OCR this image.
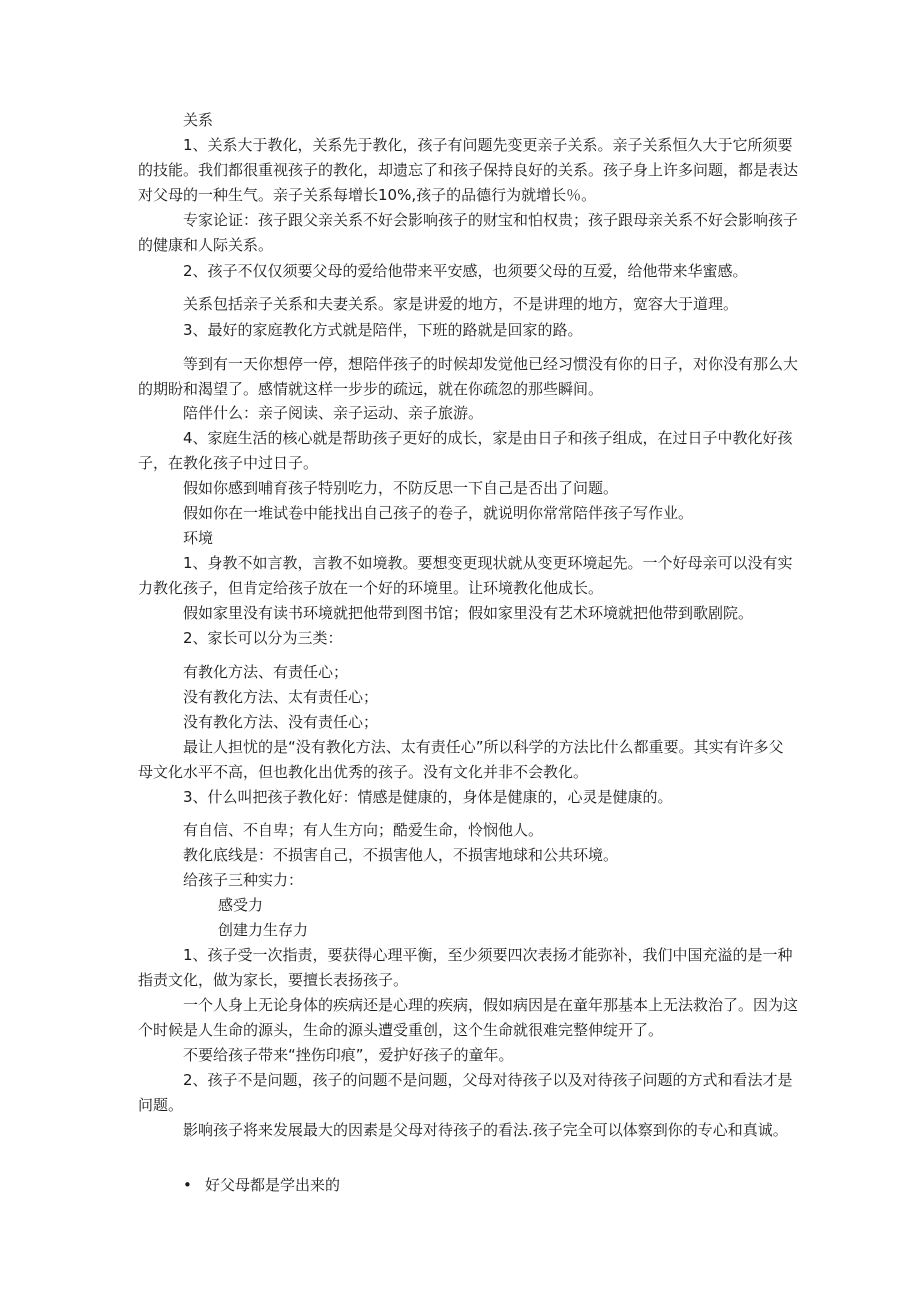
关系

1、关系大于教化，关系先于教化，孩子有问题先变更亲子关系。亲子关系恒久大于它所须要的技能。我们都很重视孩子的教化，却遗忘了和孩子保持良好的关系。孩子身上许多问题，都是表达对父母的一种生气。亲子关系每增长10%,孩子的品德行为就增长％。

专家论证：孩子跟父亲关系不好会影响孩子的财宝和怕权贵；孩子跟母亲关系不好会影响孩子的健康和人际关系。

2、孩子不仅仅须要父母的爱给他带来平安感，也须要父母的互爱，给他带来华蜜感。

关系包括亲子关系和夫妻关系。家是讲爱的地方，不是讲理的地方，宽容大于道理。

3、最好的家庭教化方式就是陪伴，下班的路就是回家的路。

等到有一天你想停一停，想陪伴孩子的时候却发觉他已经习惯没有你的日子，对你没有那么大的期盼和渴望了。感情就这样一步步的疏远，就在你疏忽的那些瞬间。

陪伴什么：亲子阅读、亲子运动、亲子旅游。

4、家庭生活的核心就是帮助孩子更好的成长，家是由日子和孩子组成，在过日子中教化好孩子，在教化孩子中过日子。

假如你感到哺育孩子特别吃力，不防反思一下自己是否出了问题。

假如你在一堆试卷中能找出自己孩子的卷子，就说明你常常陪伴孩子写作业。

环境

1、身教不如言教，言教不如境教。要想变更现状就从变更环境起先。一个好母亲可以没有实力教化孩子，但肯定给孩子放在一个好的环境里。让环境教化他成长。

假如家里没有读书环境就把他带到图书馆；假如家里没有艺术环境就把他带到歌剧院。

2、家长可以分为三类：

有教化方法、有责任心；

没有教化方法、太有责任心；

没有教化方法、没有责任心；

最让人担忧的是“没有教化方法、太有责任心”所以科学的方法比什么都重要。其实有许多父母文化水平不高，但也教化出优秀的孩子。没有文化并非不会教化。

3、什么叫把孩子教化好：情感是健康的，身体是健康的，心灵是健康的。

有自信、不自卑；有人生方向；酷爱生命，怜悯他人。

教化底线是：不损害自己，不损害他人，不损害地球和公共环境。

给孩子三种实力：

感受力

创建力生存力

1、孩子受一次指责，要获得心理平衡，至少须要四次表扬才能弥补，我们中国充溢的是一种指责文化，做为家长，要擅长表扬孩子。

一个人身上无论身体的疾病还是心理的疾病，假如病因是在童年那基本上无法救治了。因为这个时候是人生命的源头，生命的源头遭受重创，这个生命就很难完整伸绽开了。

不要给孩子带来“挫伤印痕”，爱护好孩子的童年。

2、孩子不是问题，孩子的问题不是问题，父母对待孩子以及对待孩子问题的方式和看法才是问题。

影响孩子将来发展最大的因素是父母对待孩子的看法.孩子完全可以体察到你的专心和真诚。

• 好父母都是学出来的
